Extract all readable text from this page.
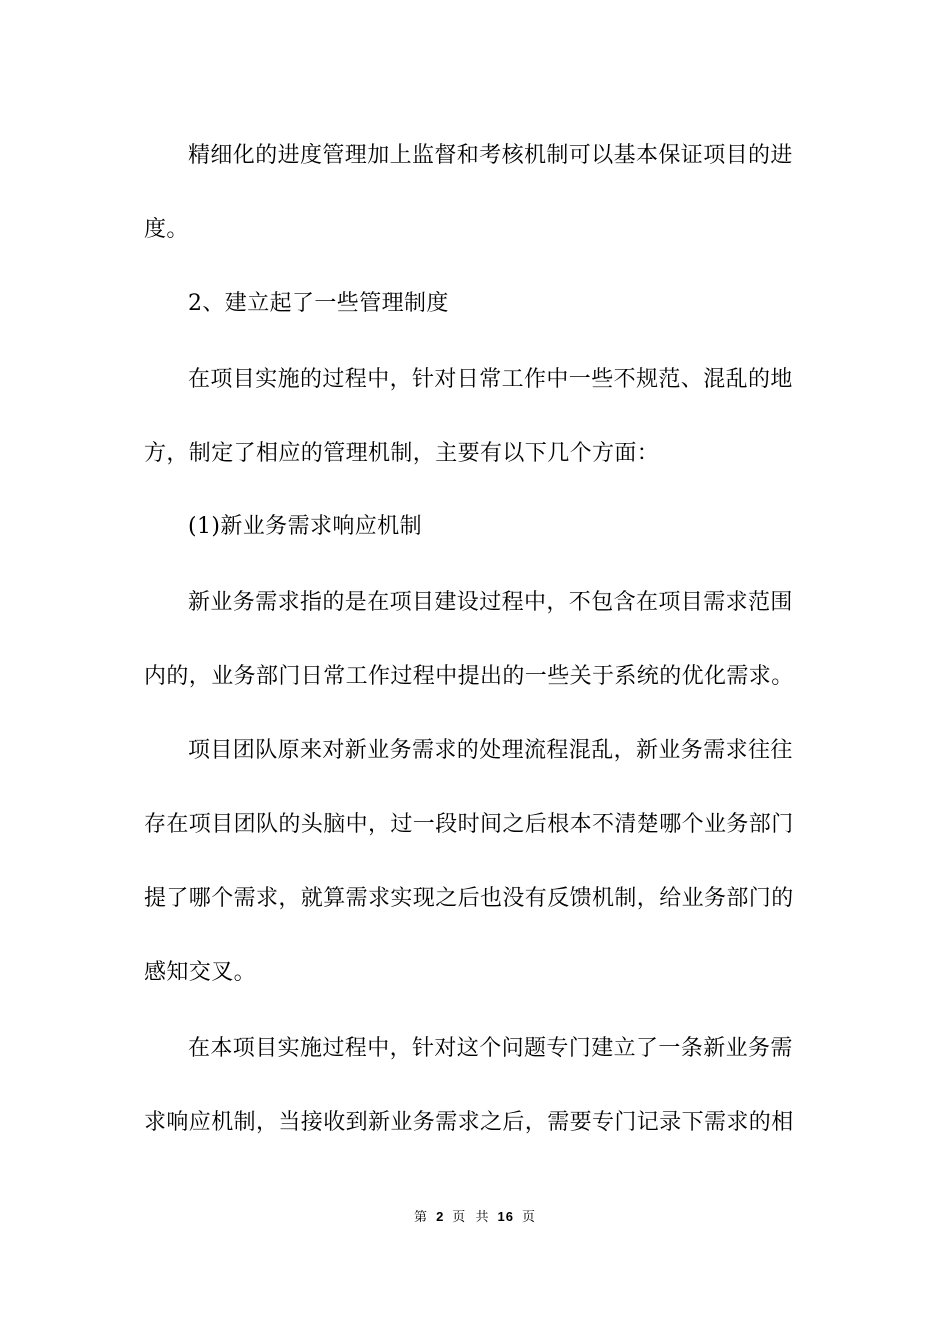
精细化的进度管理加上监督和考核机制可以基本保证项目的进
度。
2、建立起了一些管理制度
在项目实施的过程中，针对日常工作中一些不规范、混乱的地
方，制定了相应的管理机制，主要有以下几个方面：
(1)新业务需求响应机制
新业务需求指的是在项目建设过程中，不包含在项目需求范围
内的，业务部门日常工作过程中提出的一些关于系统的优化需求。
项目团队原来对新业务需求的处理流程混乱，新业务需求往往
存在项目团队的头脑中，过一段时间之后根本不清楚哪个业务部门
提了哪个需求，就算需求实现之后也没有反馈机制，给业务部门的
感知交叉。
在本项目实施过程中，针对这个问题专门建立了一条新业务需
求响应机制，当接收到新业务需求之后，需要专门记录下需求的相
第 2 页 共 16 页
